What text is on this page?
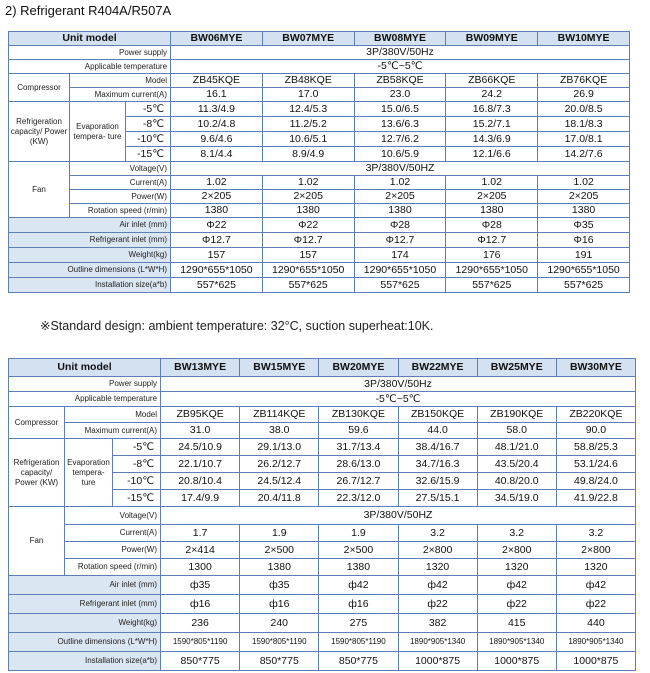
2) Refrigerant R404A/R507A
Unit model			BW06MYE	BW07MYE	BW08MYE	BW09MYE	BW10MYE
Power supply			3P/380V/50Hz				
Applicable temperature			-5℃~5℃				
Compressor	Model		ZB45KQE	ZB48KQE	ZB58KQE	ZB66KQE	ZB76KQE
	Maximum current(A)		16.1	17.0	23.0	24.2	26.9
Refrigeration capacity/ Power (KW)	Evaporation tempera- ture	-5℃	11.3/4.9	12.4/5.3	15.0/6.5	16.8/7.3	20.0/8.5
		-8℃	10.2/4.8	11.2/5.2	13.6/6.3	15.2/7.1	18.1/8.3
		-10℃	9.6/4.6	10.6/5.1	12.7/6.2	14.3/6.9	17.0/8.1
		-15℃	8.1/4.4	8.9/4.9	10.6/5.9	12.1/6.6	14.2/7.6
Fan	Voltage(V)		3P/380V/50HZ				
	Current(A)		1.02	1.02	1.02	1.02	1.02
	Power(W)		2×205	2×205	2×205	2×205	2×205
	Rotation speed (r/min)		1380	1380	1380	1380	1380
Air inlet (mm)			Φ22	Φ22	Φ28	Φ28	Φ35
Refrigerant inlet (mm)			Φ12.7	Φ12.7	Φ12.7	Φ12.7	Φ16
Weight(kg)			157	157	174	176	191
Outline dimensions (L*W*H)			1290*655*1050	1290*655*1050	1290*655*1050	1290*655*1050	1290*655*1050
Installation size(a*b)			557*625	557*625	557*625	557*625	557*625
※Standard design: ambient temperature: 32°C, suction superheat:10K.
Unit model			BW13MYE	BW15MYE	BW20MYE	BW22MYE	BW25MYE	BW30MYE
Power supply			3P/380V/50Hz					
Applicable temperature			-5℃~5℃					
Compressor	Model		ZB95KQE	ZB114KQE	ZB130KQE	ZB150KQE	ZB190KQE	ZB220KQE
	Maximum current(A)		31.0	38.0	59.6	44.0	58.0	90.0
Refrigeration capacity/ Power (KW)	Evaporation tempera- ture	-5℃	24.5/10.9	29.1/13.0	31.7/13.4	38.4/16.7	48.1/21.0	58.8/25.3
		-8℃	22.1/10.7	26.2/12.7	28.6/13.0	34.7/16.3	43.5/20.4	53.1/24.6
		-10℃	20.8/10.4	24.5/12.4	26.7/12.7	32.6/15.9	40.8/20.0	49.8/24.0
		-15℃	17.4/9.9	20.4/11.8	22.3/12.0	27.5/15.1	34.5/19.0	41.9/22.8
Fan	Voltage(V)		3P/380V/50HZ					
	Current(A)		1.7	1.9	1.9	3.2	3.2	3.2
	Power(W)		2×414	2×500	2×500	2×800	2×800	2×800
	Rotation speed (r/min)		1300	1380	1380	1320	1320	1320
Air inlet (mm)			ф35	ф35	ф42	ф42	ф42	ф42
Refrigerant inlet (mm)			ф16	ф16	ф16	ф22	ф22	ф22
Weight(kg)			236	240	275	382	415	440
Outline dimensions (L*W*H)			1590*805*1190	1590*805*1190	1590*805*1190	1890*905*1340	1890*905*1340	1890*905*1340
Installation size(a*b)			850*775	850*775	850*775	1000*875	1000*875	1000*875
